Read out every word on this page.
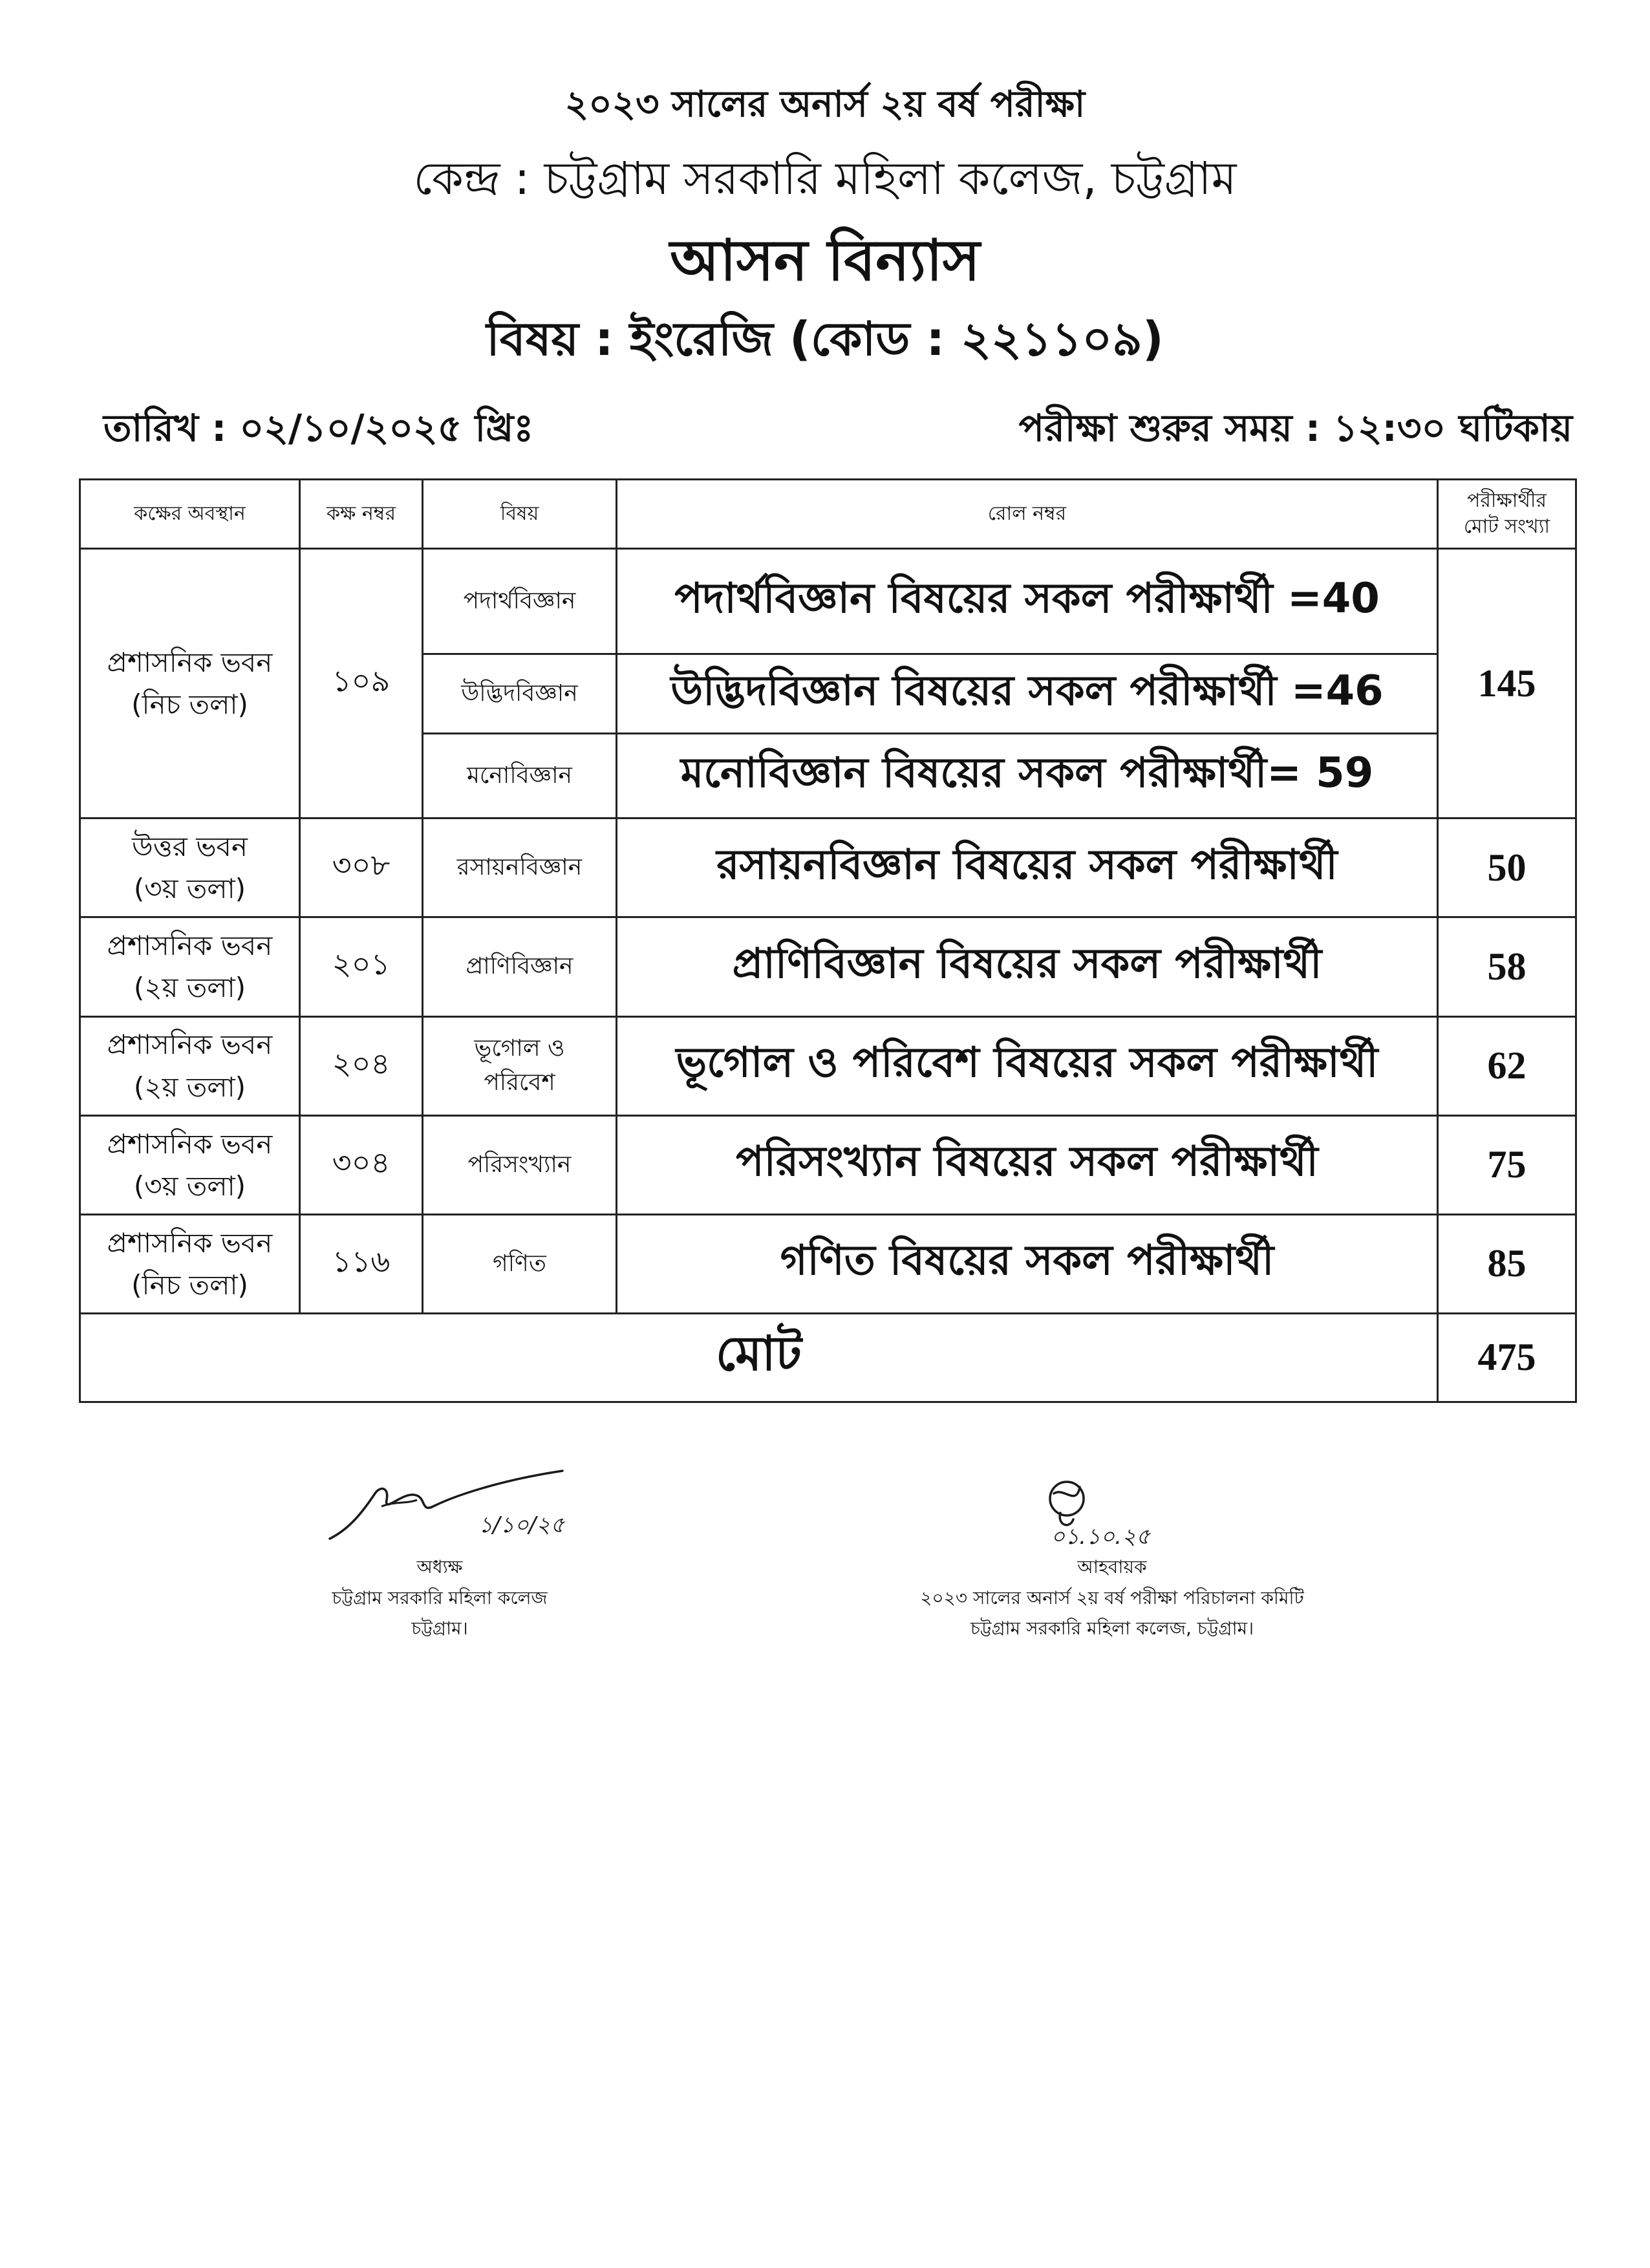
২০২৩ সালের অনার্স ২য় বর্ষ পরীক্ষা
কেন্দ্র : চট্টগ্রাম সরকারি মহিলা কলেজ, চট্টগ্রাম
আসন বিন্যাস
বিষয় : ইংরেজি (কোড : ২২১১০৯)
তারিখ : ০২/১০/২০২৫ খ্রিঃ	পরীক্ষা শুরুর সময় : ১২:৩০ ঘটিকায়
কক্ষের অবস্থান	কক্ষ নম্বর	বিষয়	রোল নম্বর	পরীক্ষার্থীর
মোট সংখ্যা
প্রশাসনিক ভবন
(নিচ তলা)	১০৯	পদার্থবিজ্ঞান	পদার্থবিজ্ঞান বিষয়ের সকল পরীক্ষার্থী =40	145
		উদ্ভিদবিজ্ঞান	উদ্ভিদবিজ্ঞান বিষয়ের সকল পরীক্ষার্থী =46	
		মনোবিজ্ঞান	মনোবিজ্ঞান বিষয়ের সকল পরীক্ষার্থী= 59	
উত্তর ভবন
(৩য় তলা)	৩০৮	রসায়নবিজ্ঞান	রসায়নবিজ্ঞান বিষয়ের সকল পরীক্ষার্থী	50
প্রশাসনিক ভবন
(২য় তলা)	২০১	প্রাণিবিজ্ঞান	প্রাণিবিজ্ঞান বিষয়ের সকল পরীক্ষার্থী	58
প্রশাসনিক ভবন
(২য় তলা)	২০৪	ভূগোল ও
পরিবেশ	ভূগোল ও পরিবেশ বিষয়ের সকল পরীক্ষার্থী	62
প্রশাসনিক ভবন
(৩য় তলা)	৩০৪	পরিসংখ্যান	পরিসংখ্যান বিষয়ের সকল পরীক্ষার্থী	75
প্রশাসনিক ভবন
(নিচ তলা)	১১৬	গণিত	গণিত বিষয়ের সকল পরীক্ষার্থী	85
মোট				475
১/১০/২৫
অধ্যক্ষ
চট্টগ্রাম সরকারি মহিলা কলেজ
চট্টগ্রাম।
০১.১০.২৫
আহবায়ক
২০২৩ সালের অনার্স ২য় বর্ষ পরীক্ষা পরিচালনা কমিটি
চট্টগ্রাম সরকারি মহিলা কলেজ, চট্টগ্রাম।
